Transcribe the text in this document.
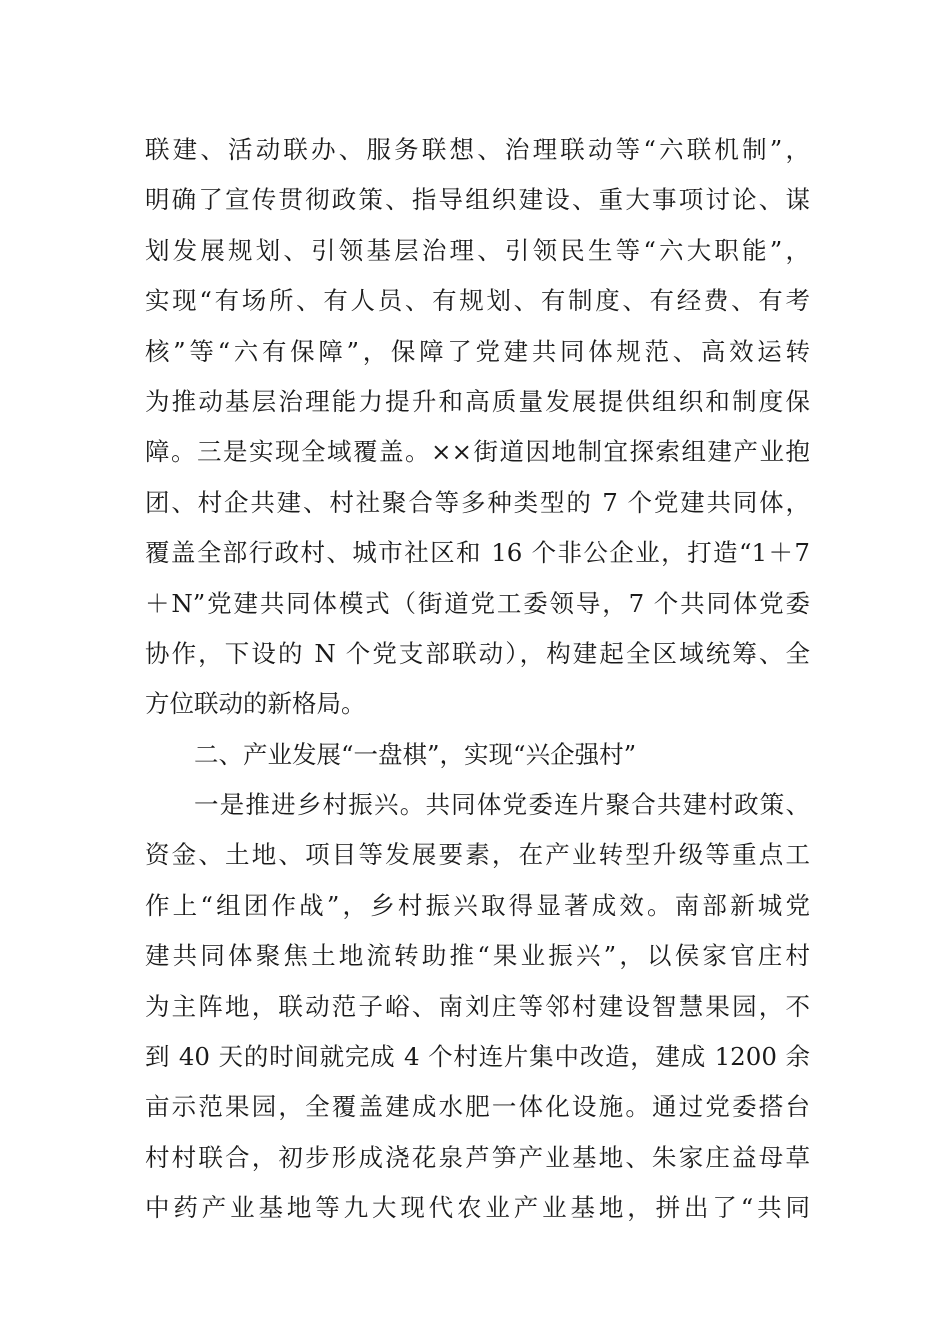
联建、活动联办、服务联想、治理联动等“六联机制”，
明确了宣传贯彻政策、指导组织建设、重大事项讨论、谋
划发展规划、引领基层治理、引领民生等“六大职能”，
实现“有场所、有人员、有规划、有制度、有经费、有考
核”等“六有保障”，保障了党建共同体规范、高效运转
为推动基层治理能力提升和高质量发展提供组织和制度保
障。三是实现全域覆盖。××街道因地制宜探索组建产业抱
团、村企共建、村社聚合等多种类型的 7 个党建共同体，
覆盖全部行政村、城市社区和 16 个非公企业，打造“1＋7
＋N”党建共同体模式（街道党工委领导，7 个共同体党委
协作，下设的 N 个党支部联动），构建起全区域统筹、全
方位联动的新格局。
二、产业发展“一盘棋”，实现“兴企强村”
一是推进乡村振兴。共同体党委连片聚合共建村政策、
资金、土地、项目等发展要素，在产业转型升级等重点工
作上“组团作战”，乡村振兴取得显著成效。南部新城党
建共同体聚焦土地流转助推“果业振兴”，以侯家官庄村
为主阵地，联动范子峪、南刘庄等邻村建设智慧果园，不
到 40 天的时间就完成 4 个村连片集中改造，建成 1200 余
亩示范果园，全覆盖建成水肥一体化设施。通过党委搭台
村村联合，初步形成浇花泉芦笋产业基地、朱家庄益母草
中药产业基地等九大现代农业产业基地，拼出了“共同
